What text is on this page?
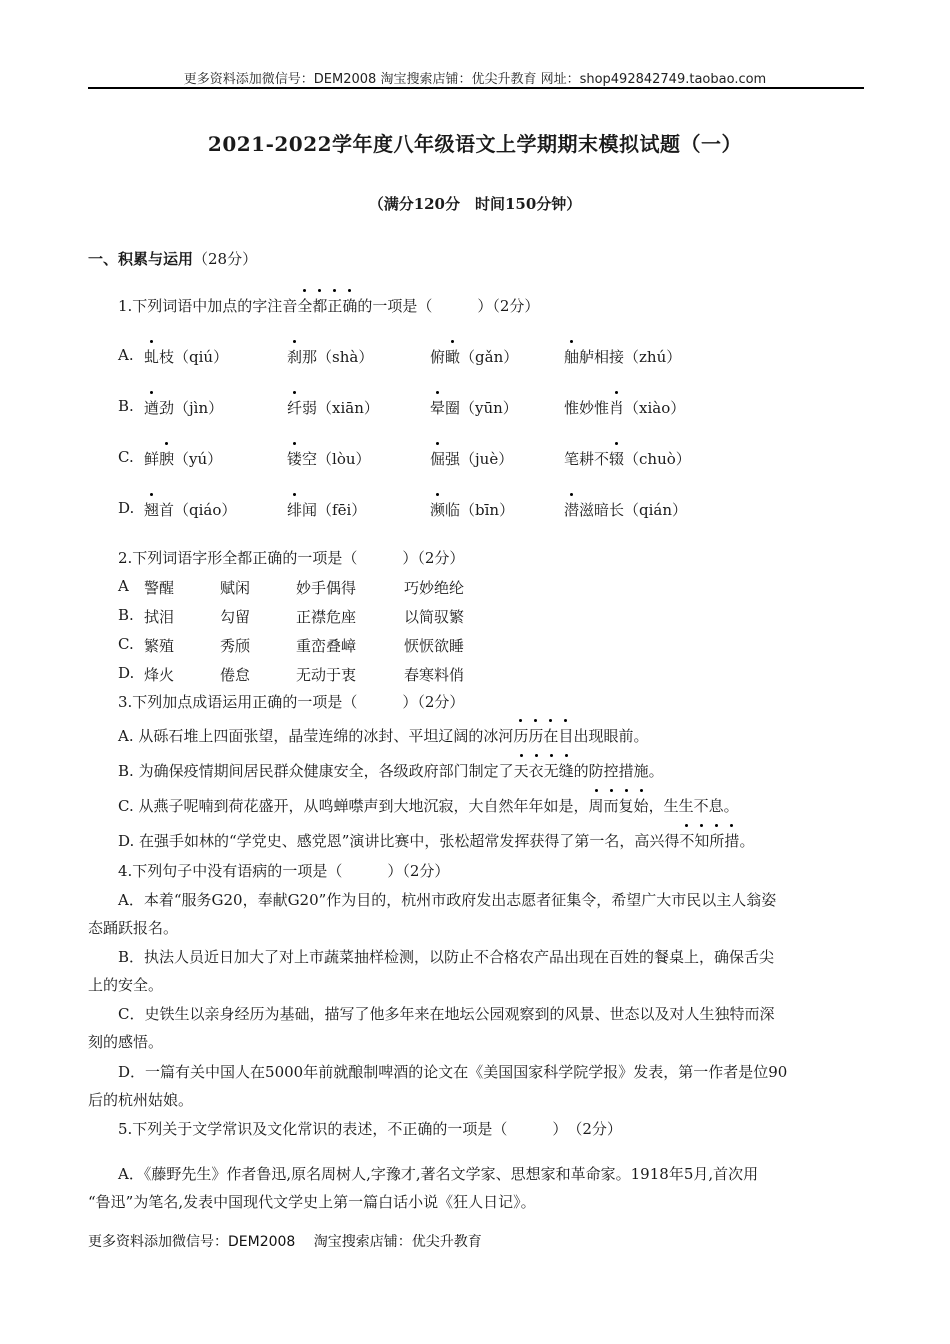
更多资料添加微信号：DEM2008 淘宝搜索店铺：优尖升教育 网址：shop492842749.taobao.com
2021-2022学年度八年级语文上学期期末模拟试题（一）
（满分120分　时间150分钟）
一、积累与运用（28分）
1.下列词语中加点的字注音全都正确的一项是（　　　）（2分）
2.下列词语字形全都正确的一项是（　　　）（2分）
3.下列加点成语运用正确的一项是（　　　）（2分）
4.下列句子中没有语病的一项是（　　　）（2分）
5.下列关于文学常识及文化常识的表述，不正确的一项是（　　　）　（2分）
A．《藤野先生》作者鲁迅,原名周树人,字豫才,著名文学家、思想家和革命家。1918年5月,首次用
“鲁迅”为笔名,发表中国现代文学史上第一篇白话小说《狂人日记》。
更多资料添加微信号：DEM2008　 淘宝搜索店铺：优尖升教育
A. 虬枝（qiú）	刹那（shà）	俯瞰（gǎn）	舳舻相接（zhú）
B. 遒劲（jìn）	纤弱（xiān）	晕圈（yūn）	惟妙惟肖（xiào）
C. 鲜腴（yú）	镂空（lòu）	倔强（juè）	笔耕不辍（chuò）
D. 翘首（qiáo）	绯闻（fēi）	濒临（bīn）	潜滋暗长（qián）
A 警醒	赋闲	妙手偶得	巧妙绝纶
B. 拭泪	勾留	正襟危座	以简驭繁
C. 繁殖	秀颀	重峦叠嶂	恹恹欲睡
D. 烽火	倦怠	无动于衷	春寒料俏
A. 从砾石堆上四面张望，晶莹连绵的冰封、平坦辽阔的冰河历历在目出现眼前。
B. 为确保疫情期间居民群众健康安全，各级政府部门制定了天衣无缝的防控措施。
C. 从燕子呢喃到荷花盛开，从鸣蝉噤声到大地沉寂，大自然年年如是，周而复始，生生不息。
D. 在强手如林的“学党史、感党恩”演讲比赛中，张松超常发挥获得了第一名，高兴得不知所措。
A．本着“服务G20，奉献G20”作为目的，杭州市政府发出志愿者征集令，希望广大市民以主人翁姿
态踊跃报名。
B．执法人员近日加大了对上市蔬菜抽样检测，以防止不合格农产品出现在百姓的餐桌上，确保舌尖
上的安全。
C．史铁生以亲身经历为基础，描写了他多年来在地坛公园观察到的风景、世态以及对人生独特而深
刻的感悟。
D．一篇有关中国人在5000年前就酿制啤酒的论文在《美国国家科学院学报》发表，第一作者是位90
后的杭州姑娘。
